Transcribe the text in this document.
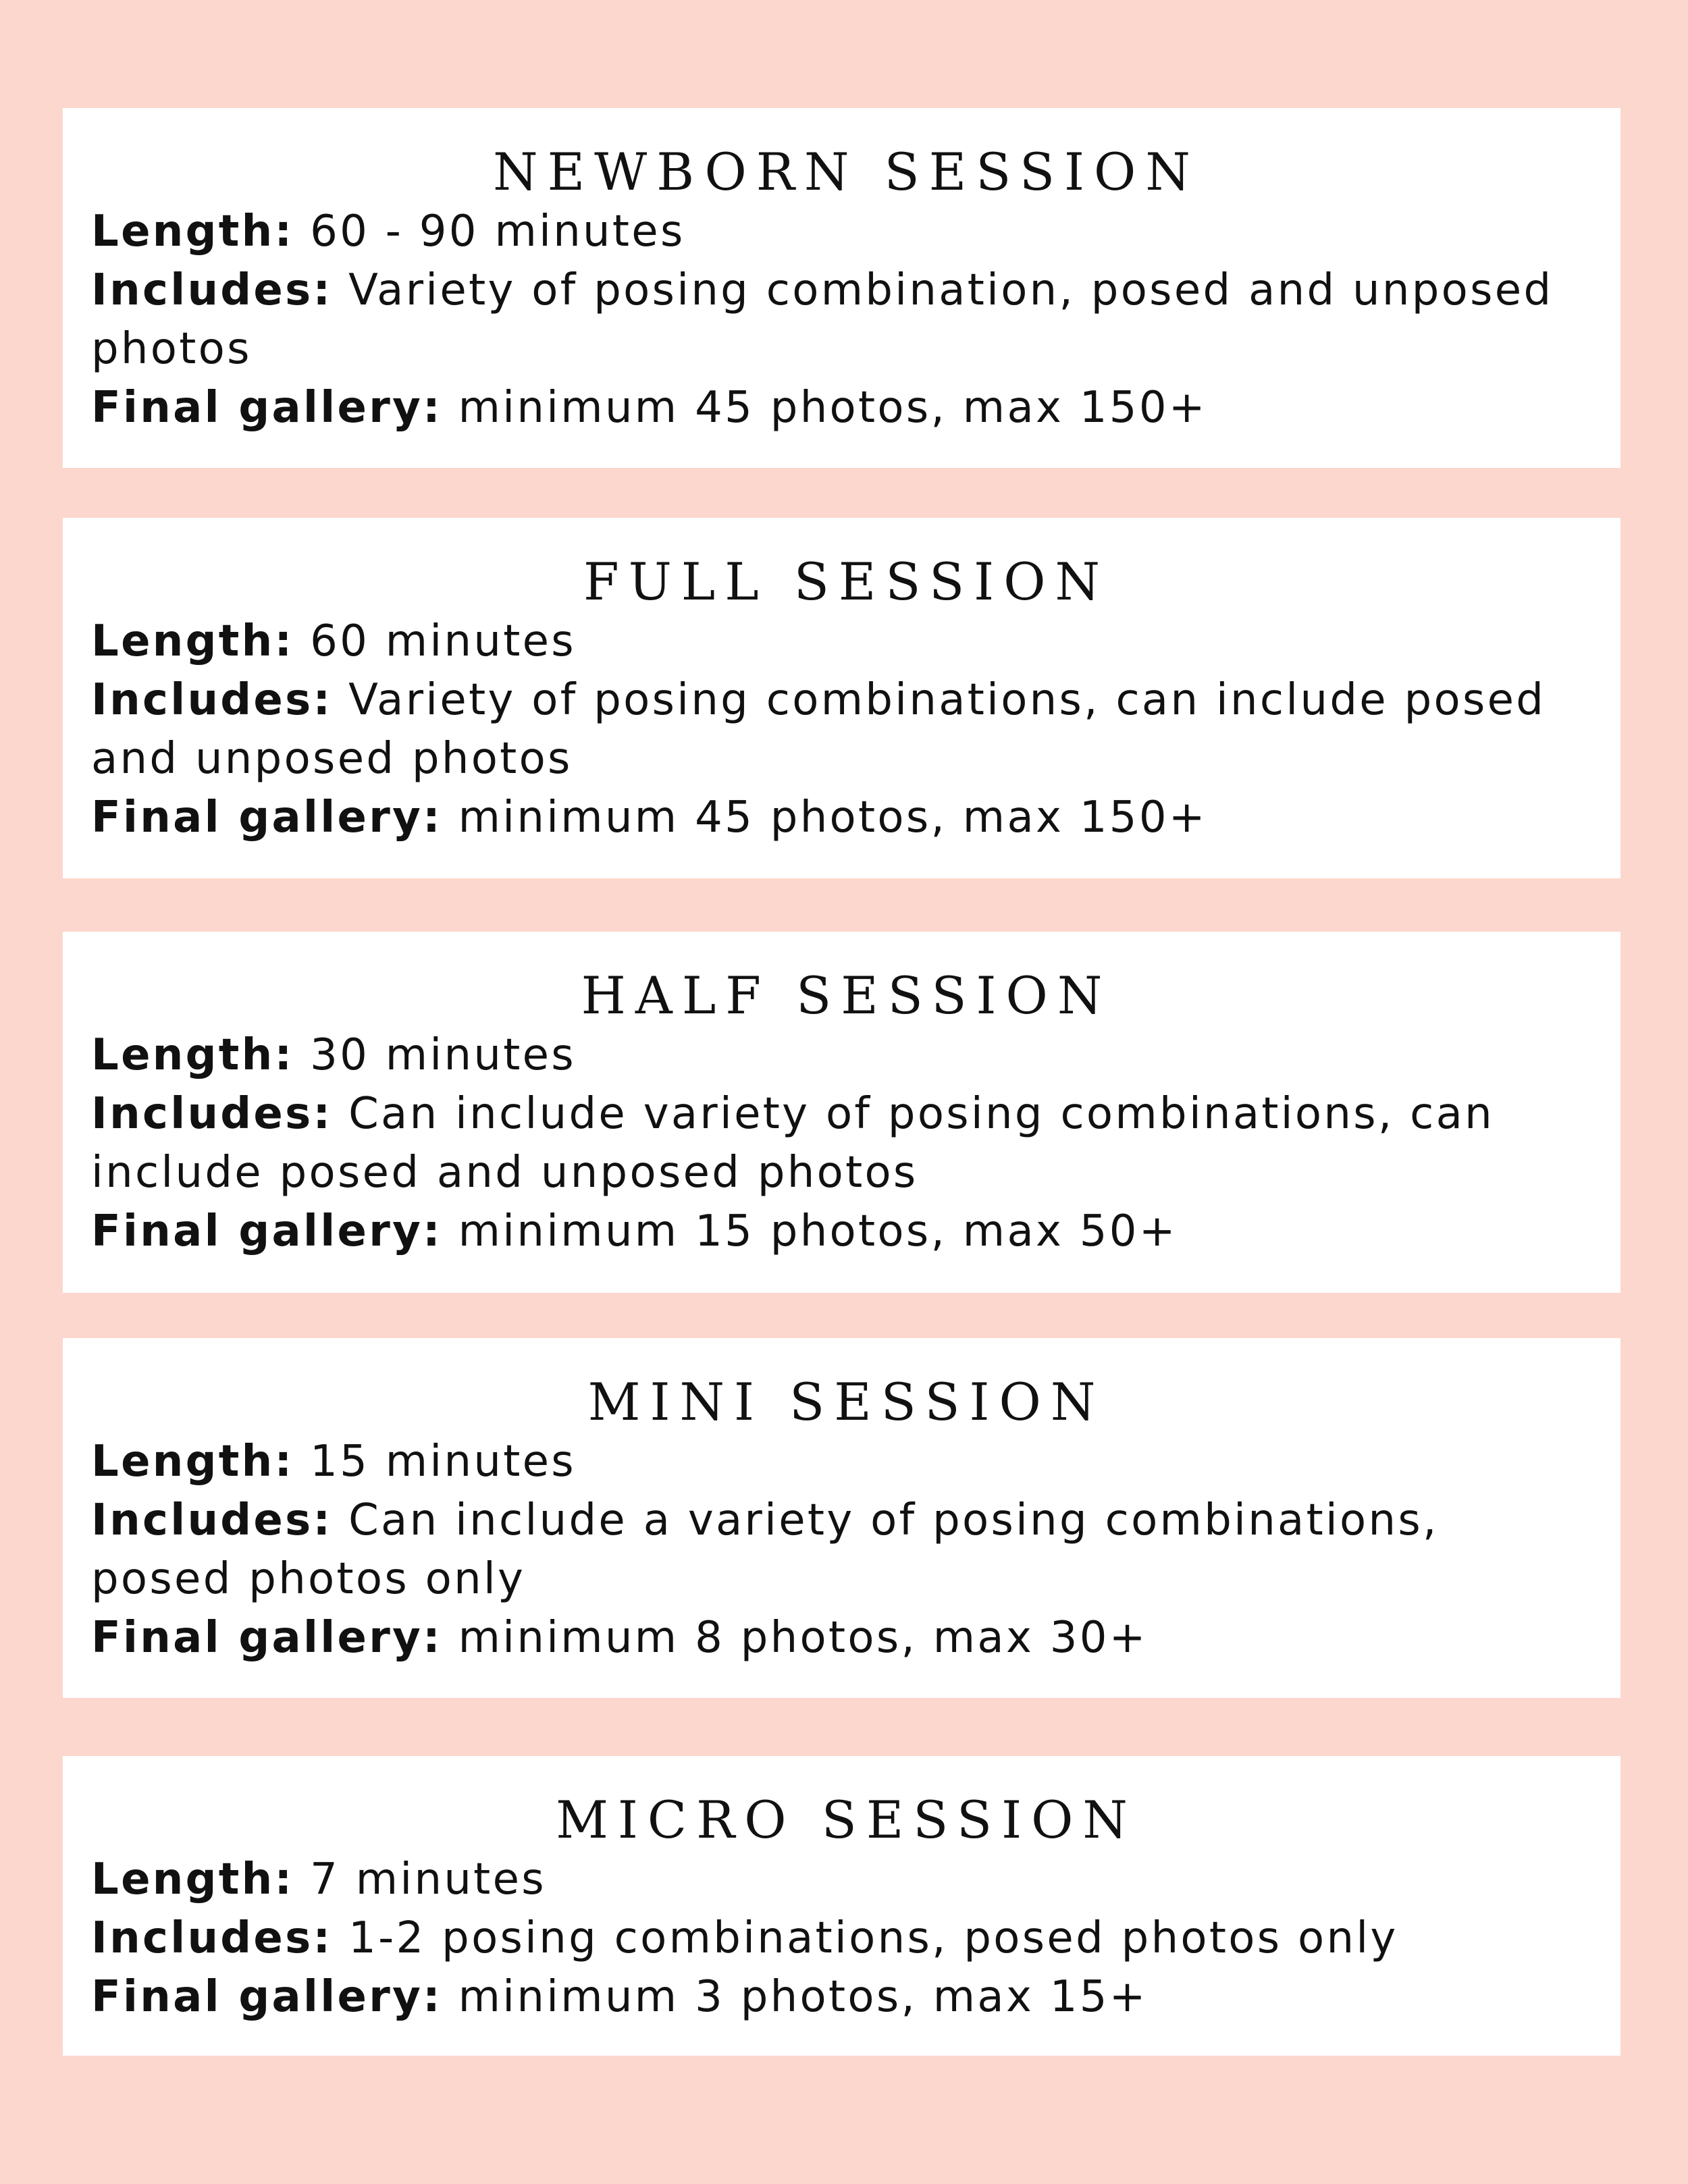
NEWBORN SESSION

Length: 60 - 90 minutes

Includes: Variety of posing combination, posed and unposed photos

Final gallery: minimum 45 photos, max 150+

FULL SESSION

Length: 60 minutes

Includes: Variety of posing combinations, can include posed and unposed photos

Final gallery: minimum 45 photos, max 150+

HALF SESSION

Length: 30 minutes

Includes: Can include variety of posing combinations, can include posed and unposed photos

Final gallery: minimum 15 photos, max 50+

MINI SESSION

Length: 15 minutes

Includes: Can include a variety of posing combinations, posed photos only

Final gallery: minimum 8 photos, max 30+

MICRO SESSION

Length: 7 minutes

Includes: 1-2 posing combinations, posed photos only

Final gallery: minimum 3 photos, max 15+
